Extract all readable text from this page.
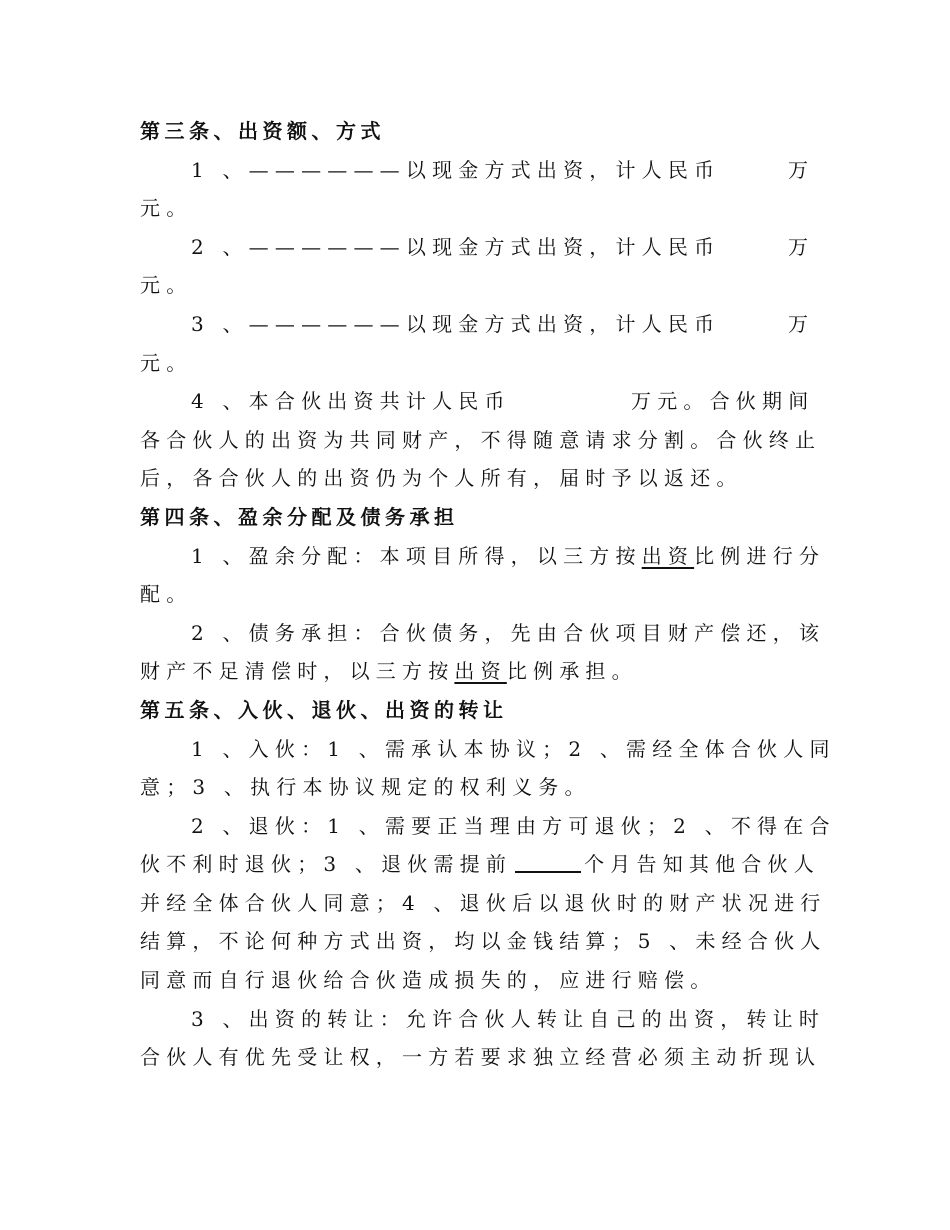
第三条、出资额、方式
1 、——————以现金方式出资，计人民币	万
元。
2 、——————以现金方式出资，计人民币	万
元。
3 、——————以现金方式出资，计人民币	万
元。
4 、本合伙出资共计人民币	万元。合伙期间
各合伙人的出资为共同财产，不得随意请求分割。合伙终止
后，各合伙人的出资仍为个人所有，届时予以返还。
第四条、盈余分配及债务承担
1 、盈余分配：本项目所得，以三方按出资比例进行分
配。
2 、债务承担：合伙债务，先由合伙项目财产偿还，该
财产不足清偿时，以三方按出资比例承担。
第五条、入伙、退伙、出资的转让
1 、入伙：1 、需承认本协议；2 、需经全体合伙人同
意；3 、执行本协议规定的权利义务。
2 、退伙：1 、需要正当理由方可退伙；2 、不得在合
伙不利时退伙；3 、退伙需提前	个月告知其他合伙人
并经全体合伙人同意；4 、退伙后以退伙时的财产状况进行
结算，不论何种方式出资，均以金钱结算；5 、未经合伙人
同意而自行退伙给合伙造成损失的，应进行赔偿。
3 、出资的转让：允许合伙人转让自己的出资，转让时
合伙人有优先受让权，一方若要求独立经营必须主动折现认
